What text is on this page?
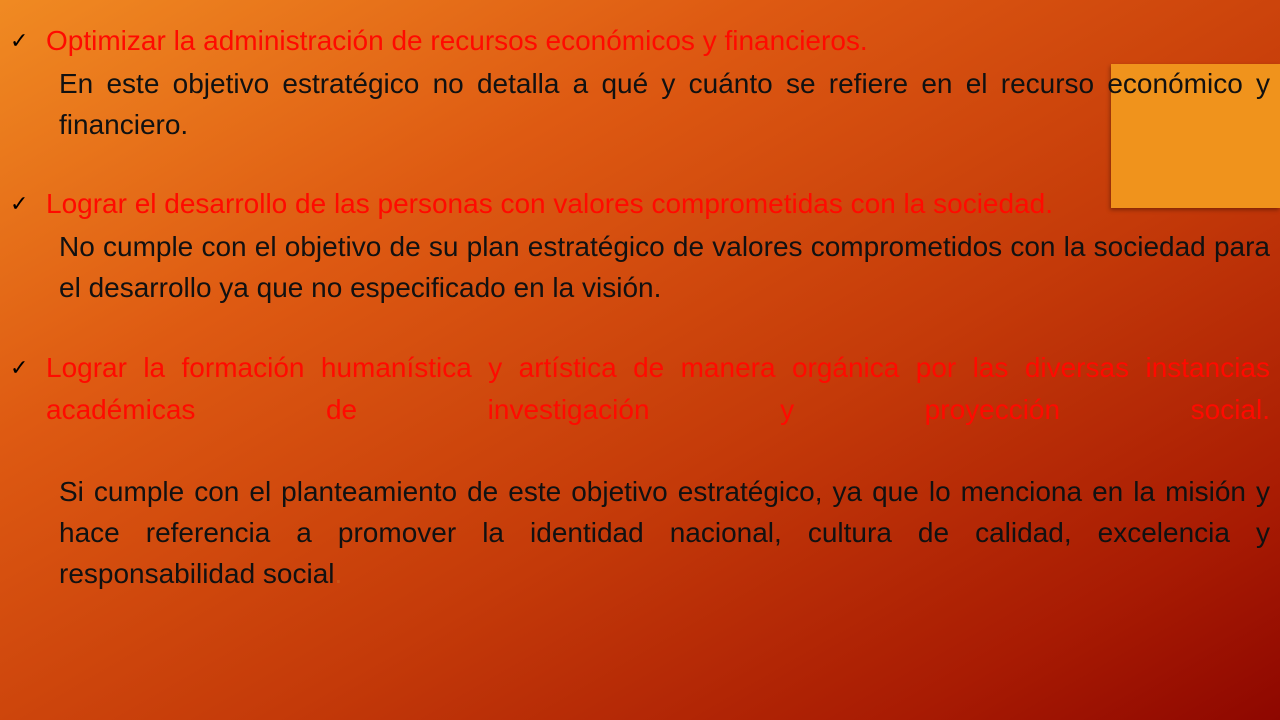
✓ Optimizar la administración de recursos económicos y financieros.
En este objetivo estratégico no detalla a qué y cuánto se refiere en el recurso económico y financiero.
✓ Lograr el desarrollo de las personas con valores comprometidas con la sociedad.
No cumple con el objetivo de su plan estratégico de valores comprometidos con la sociedad para el desarrollo ya que no especificado en la visión.
✓ Lograr la formación humanística y artística de manera orgánica por las diversas instancias académicas de investigación y proyección social.
Si cumple con el planteamiento de este objetivo estratégico, ya que lo menciona en la misión y hace referencia a promover la identidad nacional, cultura de calidad, excelencia y responsabilidad social.
